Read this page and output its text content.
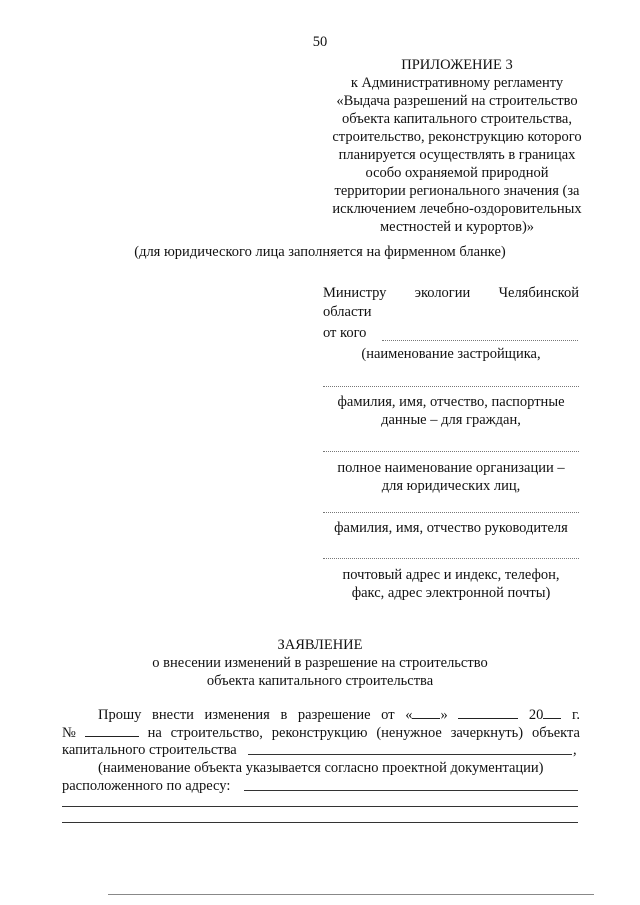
50
ПРИЛОЖЕНИЕ 3
к Административному регламенту
«Выдача разрешений на строительство
объекта капитального строительства,
строительство, реконструкцию которого
планируется осуществлять в границах
особо охраняемой природной
территории регионального значения (за
исключением лечебно-оздоровительных
местностей и курортов)»
(для юридического лица заполняется на фирменном бланке)
Министру экологии Челябинской
области
от кого
(наименование застройщика,
фамилия, имя, отчество, паспортные
данные – для граждан,
полное наименование организации –
для юридических лиц,
фамилия, имя, отчество руководителя
почтовый адрес и индекс, телефон,
факс, адрес электронной почты)
ЗАЯВЛЕНИЕ
о внесении изменений в разрешение на строительство
объекта капитального строительства
Прошу внести изменения в разрешение от « »	20	г.
№	на строительство, реконструкцию (ненужное зачеркнуть) объекта
капитального строительства	,
(наименование объекта указывается согласно проектной документации)
расположенного по адресу:
